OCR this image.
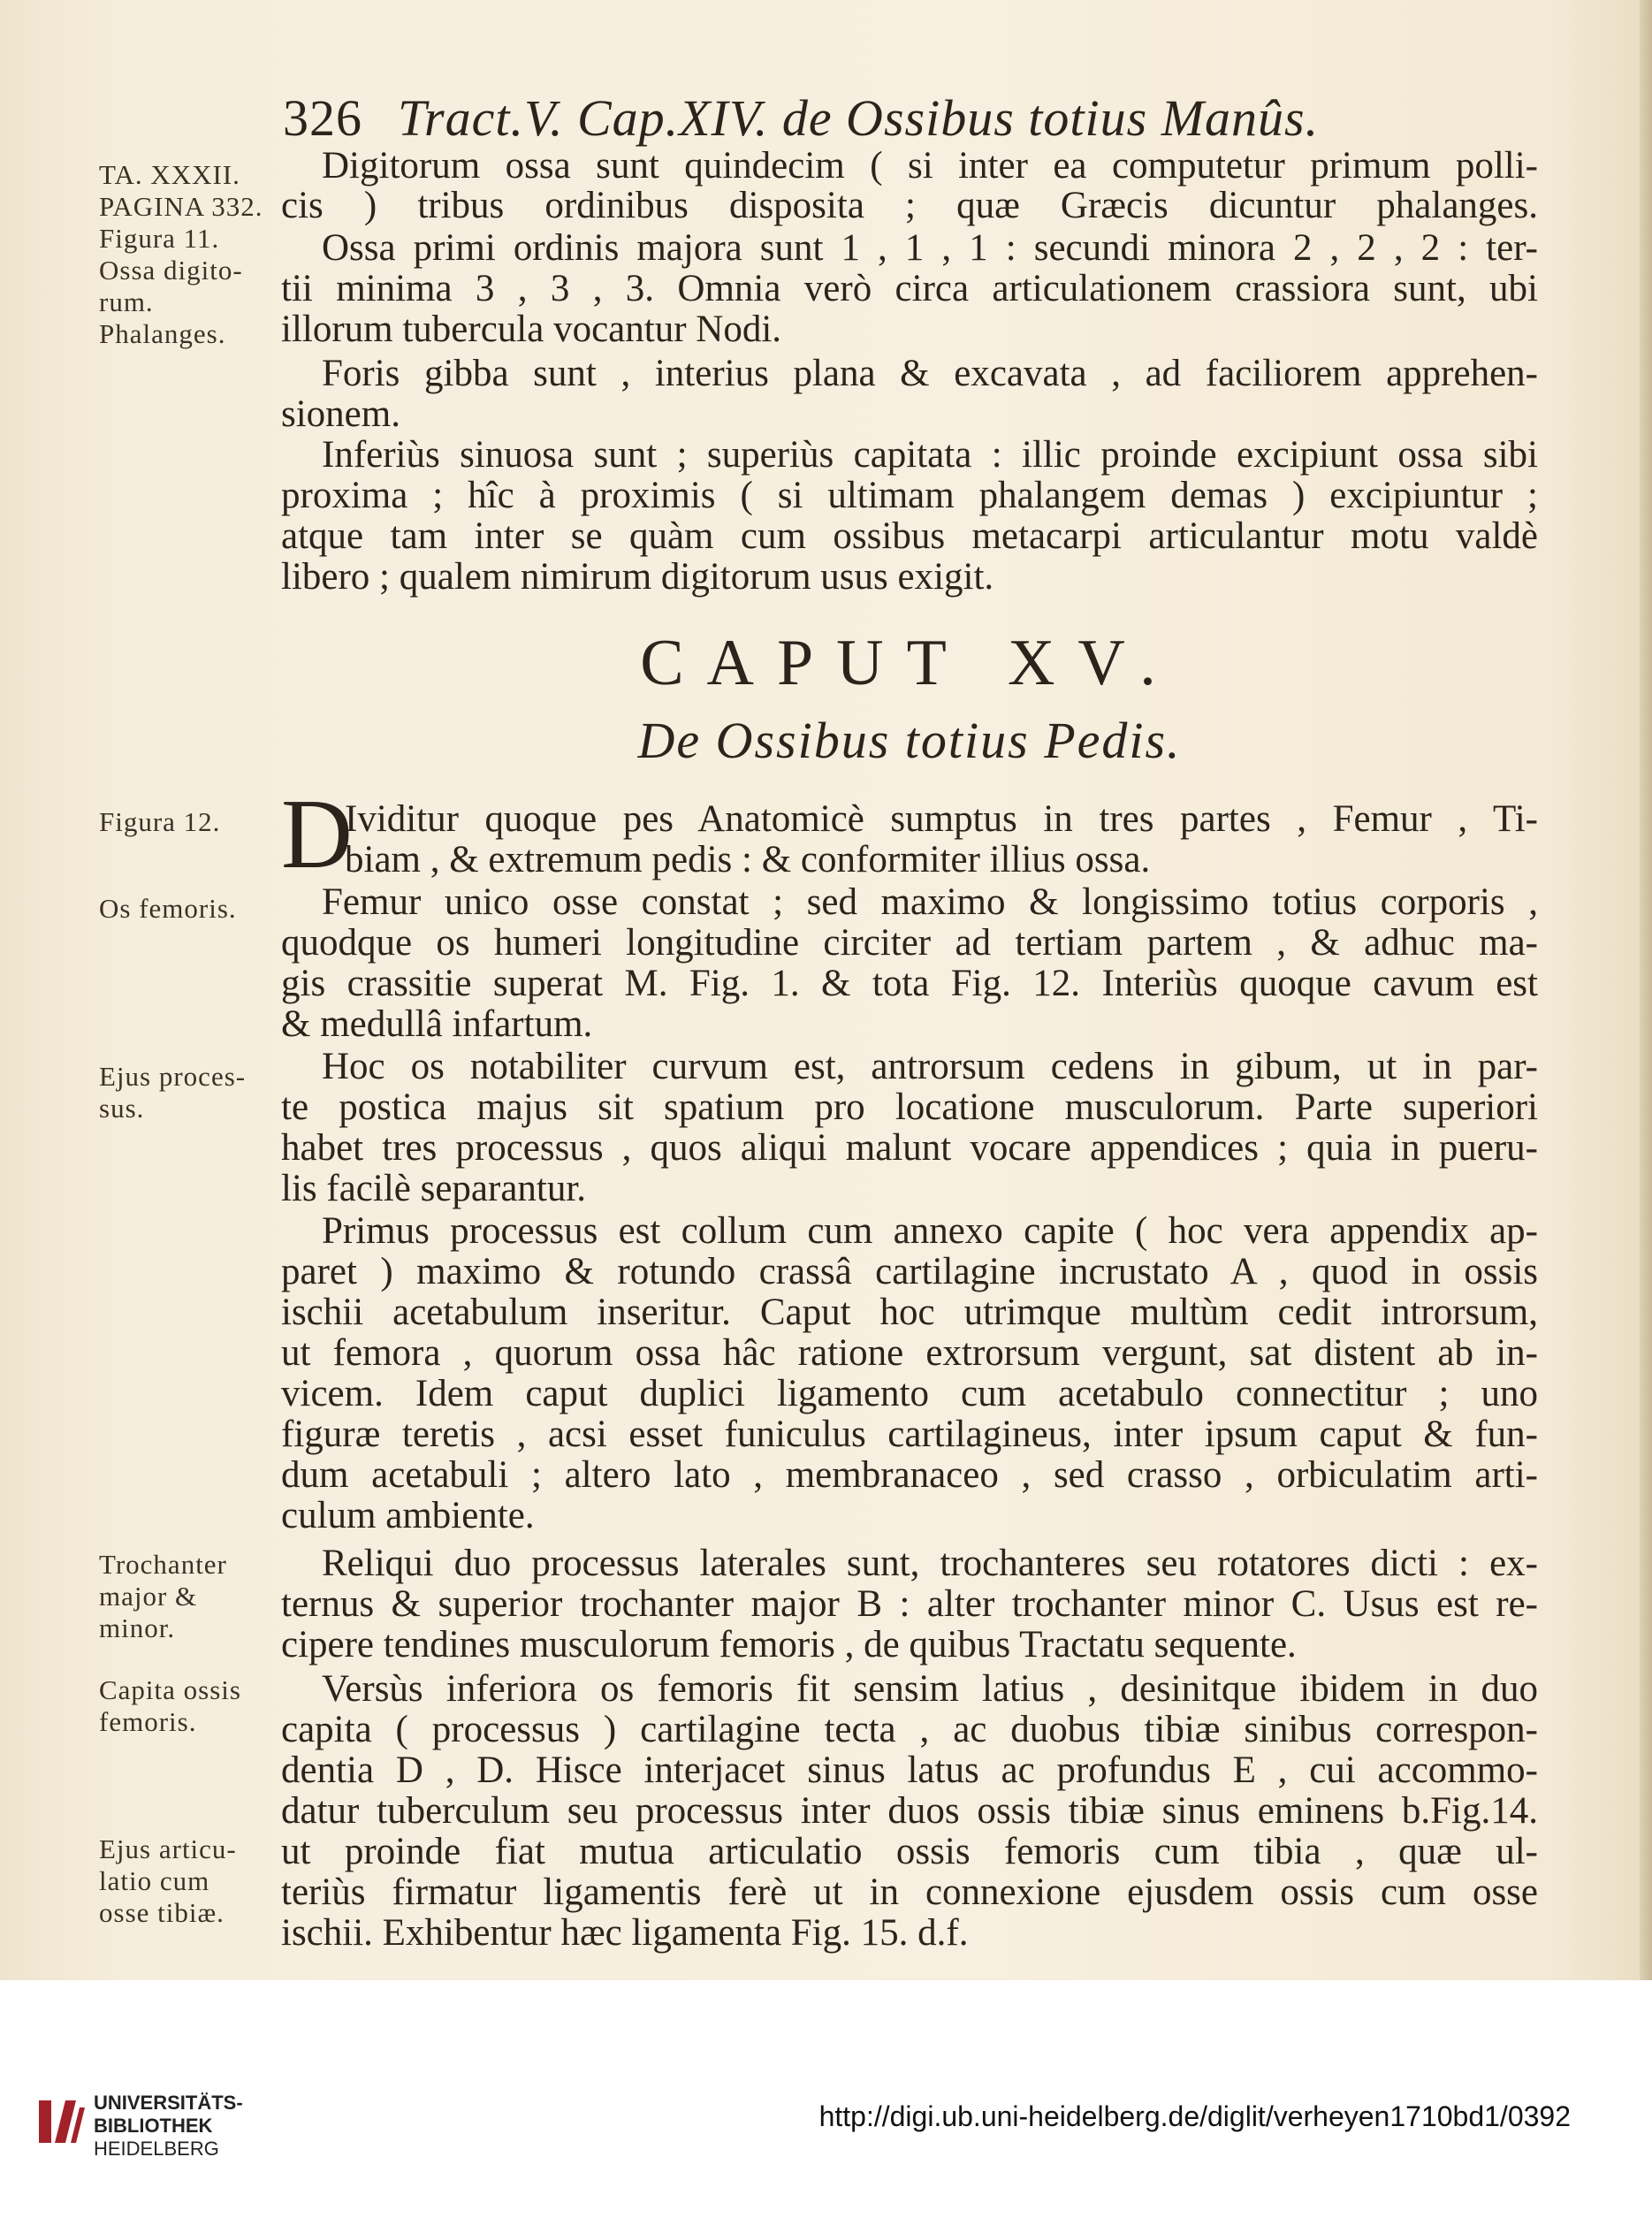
326 Tract.V. Cap.XIV. de Ossibus totius Manûs.
TA. XXXII.
PAGINA 332.
Figura 11.
Ossa digito-
rum.
Phalanges.
Figura 12.
Os femoris.
Ejus proces-
sus.
Trochanter
major &
minor.
Capita ossis
femoris.
Ejus articu-
latio cum
osse tibiæ.
Digitorum ossa sunt quindecim ( si inter ea computetur primum polli-
cis ) tribus ordinibus disposita ; quæ Græcis dicuntur phalanges.
Ossa primi ordinis majora sunt 1 , 1 , 1 : secundi minora 2 , 2 , 2 : ter-
tii minima 3 , 3 , 3. Omnia verò circa articulationem crassiora sunt, ubi
illorum tubercula vocantur Nodi.
Foris gibba sunt , interius plana & excavata , ad faciliorem apprehen-
sionem.
Inferiùs sinuosa sunt ; superiùs capitata : illic proinde excipiunt ossa sibi
proxima ; hîc à proximis ( si ultimam phalangem demas ) excipiuntur ;
atque tam inter se quàm cum ossibus metacarpi articulantur motu valdè
libero ; qualem nimirum digitorum usus exigit.
CAPUT XV.
De Ossibus totius Pedis.
D
Ividitur quoque pes Anatomicè sumptus in tres partes , Femur , Ti-
biam , & extremum pedis : & conformiter illius ossa.
Femur unico osse constat ; sed maximo & longissimo totius corporis ,
quodque os humeri longitudine circiter ad tertiam partem , & adhuc ma-
gis crassitie superat M. Fig. 1. & tota Fig. 12. Interiùs quoque cavum est
& medullâ infartum.
Hoc os notabiliter curvum est, antrorsum cedens in gibum, ut in par-
te postica majus sit spatium pro locatione musculorum. Parte superiori
habet tres processus , quos aliqui malunt vocare appendices ; quia in pueru-
lis facilè separantur.
Primus processus est collum cum annexo capite ( hoc vera appendix ap-
paret ) maximo & rotundo crassâ cartilagine incrustato A , quod in ossis
ischii acetabulum inseritur. Caput hoc utrimque multùm cedit introrsum,
ut femora , quorum ossa hâc ratione extrorsum vergunt, sat distent ab in-
vicem. Idem caput duplici ligamento cum acetabulo connectitur ; uno
figuræ teretis , acsi esset funiculus cartilagineus, inter ipsum caput & fun-
dum acetabuli ; altero lato , membranaceo , sed crasso , orbiculatim arti-
culum ambiente.
Reliqui duo processus laterales sunt, trochanteres seu rotatores dicti : ex-
ternus & superior trochanter major B : alter trochanter minor C. Usus est re-
cipere tendines musculorum femoris , de quibus Tractatu sequente.
Versùs inferiora os femoris fit sensim latius , desinitque ibidem in duo
capita ( processus ) cartilagine tecta , ac duobus tibiæ sinibus correspon-
dentia D , D. Hisce interjacet sinus latus ac profundus E , cui accommo-
datur tuberculum seu processus inter duos ossis tibiæ sinus eminens b.Fig.14.
ut proinde fiat mutua articulatio ossis femoris cum tibia , quæ ul-
teriùs firmatur ligamentis ferè ut in connexione ejusdem ossis cum osse
ischii. Exhibentur hæc ligamenta Fig. 15. d.f.
UNIVERSITÄTS-
BIBLIOTHEK
HEIDELBERG
http://digi.ub.uni-heidelberg.de/diglit/verheyen1710bd1/0392
